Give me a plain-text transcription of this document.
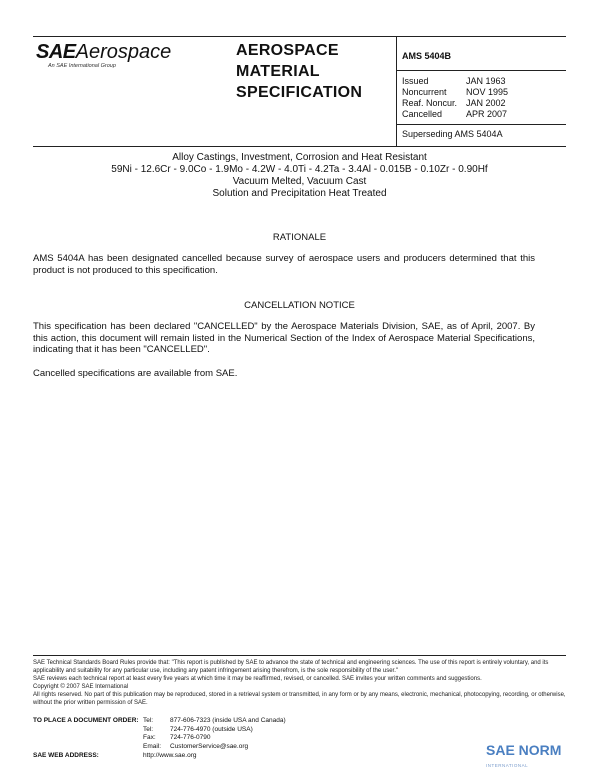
SAEAerospace
An SAE International Group
AEROSPACE
MATERIAL
SPECIFICATION
AMS 5404B
Issued	JAN 1963
Noncurrent	NOV 1995
Reaf. Noncur. JAN 2002
Cancelled	APR 2007
Superseding AMS 5404A
Alloy Castings, Investment, Corrosion and Heat Resistant
59Ni - 12.6Cr - 9.0Co - 1.9Mo - 4.2W - 4.0Ti - 4.2Ta - 3.4Al - 0.015B - 0.10Zr - 0.90Hf
Vacuum Melted, Vacuum Cast
Solution and Precipitation Heat Treated
RATIONALE
AMS 5404A has been designated cancelled because survey of aerospace users and producers determined that this product is not produced to this specification.
CANCELLATION NOTICE
This specification has been declared "CANCELLED" by the Aerospace Materials Division, SAE, as of April, 2007. By this action, this document will remain listed in the Numerical Section of the Index of Aerospace Material Specifications, indicating that it has been "CANCELLED".
Cancelled specifications are available from SAE.

SAE Technical Standards Board Rules provide that: "This report is published by SAE to advance the state of technical and engineering sciences. The use of this report is entirely voluntary, and its applicability and suitability for any particular use, including any patent infringement arising therefrom, is the sole responsibility of the user."

SAE reviews each technical report at least every five years at which time it may be reaffirmed, revised, or cancelled. SAE invites your written comments and suggestions.

Copyright © 2007 SAE International

All rights reserved. No part of this publication may be reproduced, stored in a retrieval system or transmitted, in any form or by any means, electronic, mechanical, photocopying, recording, or otherwise, without the prior written permission of SAE.

TO PLACE A DOCUMENT ORDER: Tel:	877-606-7323 (inside USA and Canada)
Tel:	724-776-4970 (outside USA)
Fax:	724-776-0790
Email:	CustomerService@sae.org
SAE WEB ADDRESS:	http://www.sae.org	SAE NORM
INTERNATIONAL
